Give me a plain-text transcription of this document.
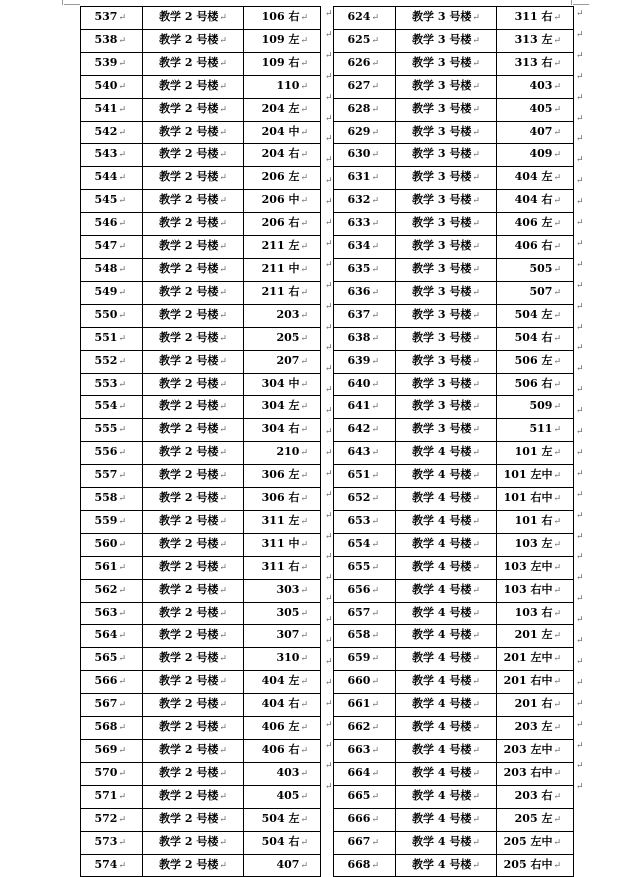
537↵	教学 2 号楼↵	106 右↵
538↵	教学 2 号楼↵	109 左↵
539↵	教学 2 号楼↵	109 右↵
540↵	教学 2 号楼↵	110↵
541↵	教学 2 号楼↵	204 左↵
542↵	教学 2 号楼↵	204 中↵
543↵	教学 2 号楼↵	204 右↵
544↵	教学 2 号楼↵	206 左↵
545↵	教学 2 号楼↵	206 中↵
546↵	教学 2 号楼↵	206 右↵
547↵	教学 2 号楼↵	211 左↵
548↵	教学 2 号楼↵	211 中↵
549↵	教学 2 号楼↵	211 右↵
550↵	教学 2 号楼↵	203↵
551↵	教学 2 号楼↵	205↵
552↵	教学 2 号楼↵	207↵
553↵	教学 2 号楼↵	304 中↵
554↵	教学 2 号楼↵	304 左↵
555↵	教学 2 号楼↵	304 右↵
556↵	教学 2 号楼↵	210↵
557↵	教学 2 号楼↵	306 左↵
558↵	教学 2 号楼↵	306 右↵
559↵	教学 2 号楼↵	311 左↵
560↵	教学 2 号楼↵	311 中↵
561↵	教学 2 号楼↵	311 右↵
562↵	教学 2 号楼↵	303↵
563↵	教学 2 号楼↵	305↵
564↵	教学 2 号楼↵	307↵
565↵	教学 2 号楼↵	310↵
566↵	教学 2 号楼↵	404 左↵
567↵	教学 2 号楼↵	404 右↵
568↵	教学 2 号楼↵	406 左↵
569↵	教学 2 号楼↵	406 右↵
570↵	教学 2 号楼↵	403↵
571↵	教学 2 号楼↵	405↵
572↵	教学 2 号楼↵	504 左↵
573↵	教学 2 号楼↵	504 右↵
574↵	教学 2 号楼↵	407↵
624↵	教学 3 号楼↵	311 右↵
625↵	教学 3 号楼↵	313 左↵
626↵	教学 3 号楼↵	313 右↵
627↵	教学 3 号楼↵	403↵
628↵	教学 3 号楼↵	405↵
629↵	教学 3 号楼↵	407↵
630↵	教学 3 号楼↵	409↵
631↵	教学 3 号楼↵	404 左↵
632↵	教学 3 号楼↵	404 右↵
633↵	教学 3 号楼↵	406 左↵
634↵	教学 3 号楼↵	406 右↵
635↵	教学 3 号楼↵	505↵
636↵	教学 3 号楼↵	507↵
637↵	教学 3 号楼↵	504 左↵
638↵	教学 3 号楼↵	504 右↵
639↵	教学 3 号楼↵	506 左↵
640↵	教学 3 号楼↵	506 右↵
641↵	教学 3 号楼↵	509↵
642↵	教学 3 号楼↵	511↵
643↵	教学 4 号楼↵	101 左↵
651↵	教学 4 号楼↵	101 左中↵
652↵	教学 4 号楼↵	101 右中↵
653↵	教学 4 号楼↵	101 右↵
654↵	教学 4 号楼↵	103 左↵
655↵	教学 4 号楼↵	103 左中↵
656↵	教学 4 号楼↵	103 右中↵
657↵	教学 4 号楼↵	103 右↵
658↵	教学 4 号楼↵	201 左↵
659↵	教学 4 号楼↵	201 左中↵
660↵	教学 4 号楼↵	201 右中↵
661↵	教学 4 号楼↵	201 右↵
662↵	教学 4 号楼↵	203 左↵
663↵	教学 4 号楼↵	203 左中↵
664↵	教学 4 号楼↵	203 右中↵
665↵	教学 4 号楼↵	203 右↵
666↵	教学 4 号楼↵	205 左↵
667↵	教学 4 号楼↵	205 左中↵
668↵	教学 4 号楼↵	205 右中↵
↵	↵
↵	↵
↵	↵
↵	↵
↵	↵
↵	↵
↵	↵
↵	↵
↵	↵
↵	↵
↵	↵
↵	↵
↵	↵
↵	↵
↵	↵
↵	↵
↵	↵
↵	↵
↵	↵
↵	↵
↵	↵
↵	↵
↵	↵
↵	↵
↵	↵
↵	↵
↵	↵
↵	↵
↵	↵
↵	↵
↵	↵
↵	↵
↵	↵
↵	↵
↵	↵
↵	↵
↵	↵
↵	↵
